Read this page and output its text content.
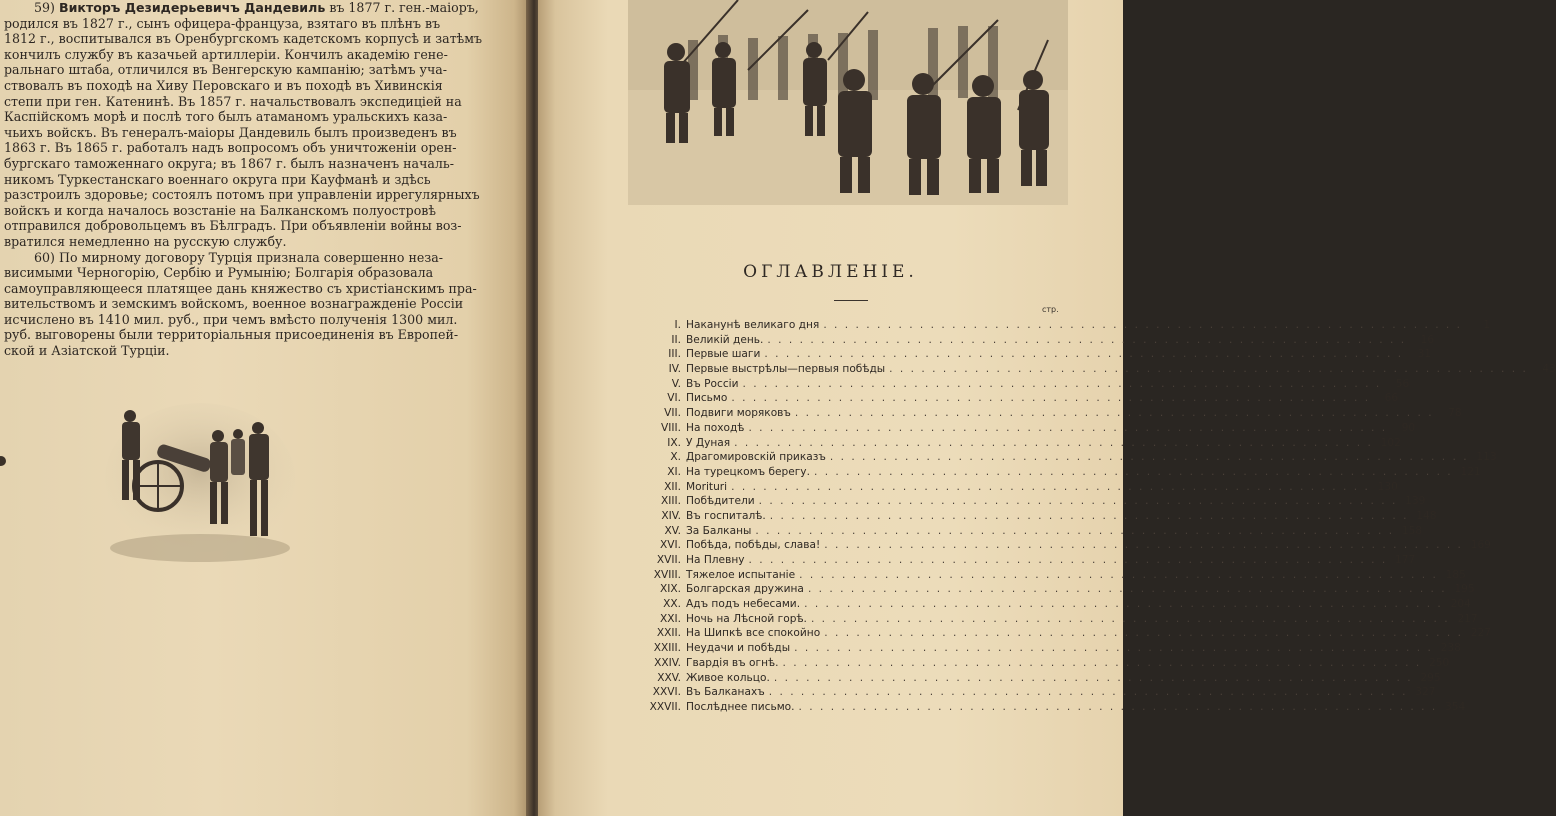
59) Викторъ Дезидерьевичъ Дандевиль въ 1877 г. ген.-маіоръ,
родился въ 1827 г., сынъ офицера-француза, взятаго въ плѣнъ въ
1812 г., воспитывался въ Оренбургскомъ кадетскомъ корпусѣ и затѣмъ
кончилъ службу въ казачьей артиллеріи. Кончилъ академію гене-
ральнаго штаба, отличился въ Венгерскую кампанію; затѣмъ уча-
ствовалъ въ походѣ на Хиву Перовскаго и въ походѣ въ Хивинскія
степи при ген. Катенинѣ. Въ 1857 г. начальствовалъ экспедиціей на
Каспійскомъ морѣ и послѣ того былъ атаманомъ уральскихъ каза-
чьихъ войскъ. Въ генералъ-маіоры Дандевиль былъ произведенъ въ
1863 г. Въ 1865 г. работалъ надъ вопросомъ объ уничтоженіи орен-
бургскаго таможеннаго округа; въ 1867 г. былъ назначенъ началь-
никомъ Туркестанскаго военнаго округа при Кауфманѣ и здѣсь
разстроилъ здоровье; состоялъ потомъ при управленіи иррегулярныхъ
войскъ и когда началось возстаніе на Балканскомъ полуостровѣ
отправился добровольцемъ въ Бѣлградъ. При объявленіи войны воз-
вратился немедленно на русскую службу.

60) По мирному договору Турція признала совершенно неза-
висимыми Черногорію, Сербію и Румынію; Болгарія образовала
самоуправляющееся платящее дань княжество съ христіанскимъ пра-
вительствомъ и земскимъ войскомъ, военное вознагражденіе Россіи
исчислено въ 1410 мил. руб., при чемъ вмѣсто полученія 1300 мил.
руб. выговорены были территоріальныя присоединенія въ Европей-
ской и Азіатской Турціи.

ОГЛАВЛЕНІЕ.
стр.
I. Наканунѣ великаго дня . . . . . . . . . . . . . . . . . . . . . . . . . . . . . . . . . . . . . . . . . . . . . . . . . . . . . . . . . . . .	1
II. Великій день. . . . . . . . . . . . . . . . . . . . . . . . . . . . . . . . . . . . . . . . . . . . . . . . . . . . . . . . . . . . .	16
III. Первые шаги . . . . . . . . . . . . . . . . . . . . . . . . . . . . . . . . . . . . . . . . . . . . . . . . . . . . . . . . . . . .	31
IV. Первые выстрѣлы—первыя побѣды . . . . . . . . . . . . . . . . . . . . . . . . . . . . . . . . . . . . . . . . . . . . . . . . . . . . . . . . . . . .	43
V. Въ Россіи . . . . . . . . . . . . . . . . . . . . . . . . . . . . . . . . . . . . . . . . . . . . . . . . . . . . . . . . . . . .	56
VI. Письмо . . . . . . . . . . . . . . . . . . . . . . . . . . . . . . . . . . . . . . . . . . . . . . . . . . . . . . . . . . . .	66
VII. Подвиги моряковъ . . . . . . . . . . . . . . . . . . . . . . . . . . . . . . . . . . . . . . . . . . . . . . . . . . . . . . . . . . . .	78
VIII. На походѣ . . . . . . . . . . . . . . . . . . . . . . . . . . . . . . . . . . . . . . . . . . . . . . . . . . . . . . . . . . . .	90
IX. У Дуная . . . . . . . . . . . . . . . . . . . . . . . . . . . . . . . . . . . . . . . . . . . . . . . . . . . . . . . . . . . . 102
X. Драгомировскій приказъ . . . . . . . . . . . . . . . . . . . . . . . . . . . . . . . . . . . . . . . . . . . . . . . . . . . . . . . . . . . . 113
XI. На турецкомъ берегу. . . . . . . . . . . . . . . . . . . . . . . . . . . . . . . . . . . . . . . . . . . . . . . . . . . . . . . . . . . . . 121
XII. Morituri . . . . . . . . . . . . . . . . . . . . . . . . . . . . . . . . . . . . . . . . . . . . . . . . . . . . . . . . . . . . 130
XIII. Побѣдители . . . . . . . . . . . . . . . . . . . . . . . . . . . . . . . . . . . . . . . . . . . . . . . . . . . . . . . . . . . . 139
XIV. Въ госпиталѣ. . . . . . . . . . . . . . . . . . . . . . . . . . . . . . . . . . . . . . . . . . . . . . . . . . . . . . . . . . . . . 148
XV. За Балканы . . . . . . . . . . . . . . . . . . . . . . . . . . . . . . . . . . . . . . . . . . . . . . . . . . . . . . . . . . . . 158
XVI. Побѣда, побѣды, слава! . . . . . . . . . . . . . . . . . . . . . . . . . . . . . . . . . . . . . . . . . . . . . . . . . . . . . . . . . . . . 169
XVII. На Плевну . . . . . . . . . . . . . . . . . . . . . . . . . . . . . . . . . . . . . . . . . . . . . . . . . . . . . . . . . . . . 177
XVIII. Тяжелое испытаніе . . . . . . . . . . . . . . . . . . . . . . . . . . . . . . . . . . . . . . . . . . . . . . . . . . . . . . . . . . . . 185
XIX. Болгарская дружина . . . . . . . . . . . . . . . . . . . . . . . . . . . . . . . . . . . . . . . . . . . . . . . . . . . . . . . . . . . . 195
XX. Адъ подъ небесами. . . . . . . . . . . . . . . . . . . . . . . . . . . . . . . . . . . . . . . . . . . . . . . . . . . . . . . . . . . . . 204
XXI. Ночь на Лѣсной горѣ. . . . . . . . . . . . . . . . . . . . . . . . . . . . . . . . . . . . . . . . . . . . . . . . . . . . . . . . . . . . . 217
XXII. На Шипкѣ все спокойно . . . . . . . . . . . . . . . . . . . . . . . . . . . . . . . . . . . . . . . . . . . . . . . . . . . . . . . . . . . . 227
XXIII. Неудачи и побѣды . . . . . . . . . . . . . . . . . . . . . . . . . . . . . . . . . . . . . . . . . . . . . . . . . . . . . . . . . . . . 238
XXIV. Гвардія въ огнѣ. . . . . . . . . . . . . . . . . . . . . . . . . . . . . . . . . . . . . . . . . . . . . . . . . . . . . . . . . . . . . 250
XXV. Живое кольцо. . . . . . . . . . . . . . . . . . . . . . . . . . . . . . . . . . . . . . . . . . . . . . . . . . . . . . . . . . . . . 295
XXVI. Въ Балканахъ . . . . . . . . . . . . . . . . . . . . . . . . . . . . . . . . . . . . . . . . . . . . . . . . . . . . . . . . . . . . 327
XXVII. Послѣднее письмо. . . . . . . . . . . . . . . . . . . . . . . . . . . . . . . . . . . . . . . . . . . . . . . . . . . . . . . . . . . . . 354
